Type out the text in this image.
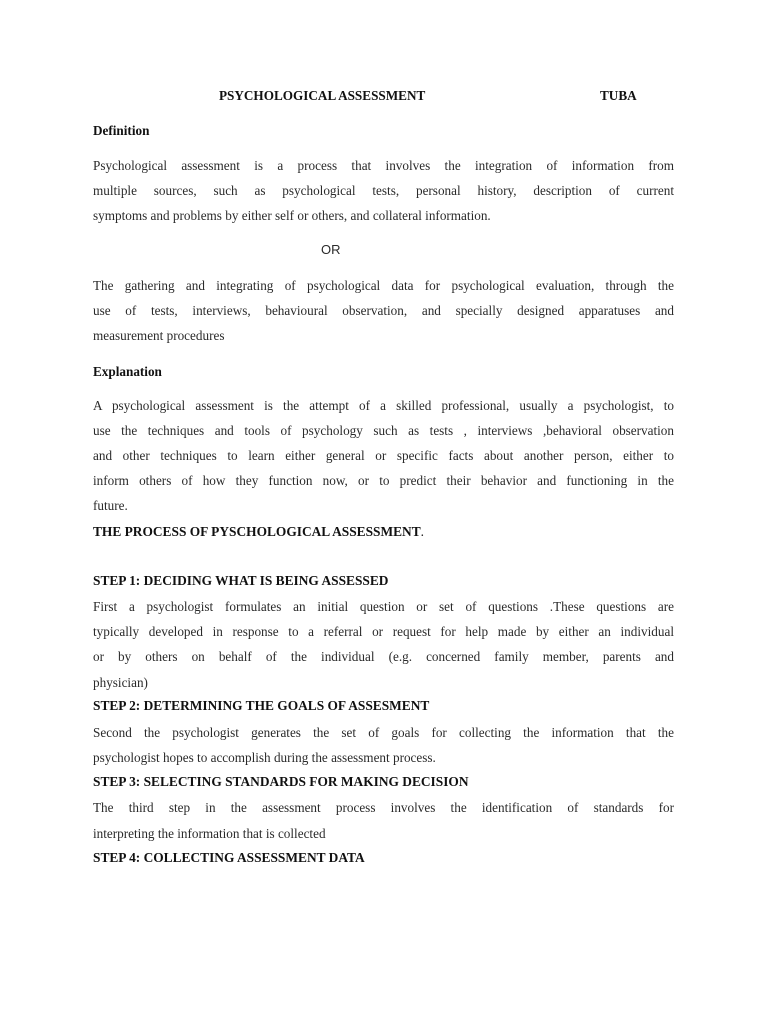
PSYCHOLOGICAL ASSESSMENT	TUBA
Definition
Psychological assessment is a process that involves the integration of information from
multiple sources, such as psychological tests, personal history, description of current
symptoms and problems by either self or others, and collateral information.
OR
The gathering and integrating of psychological data for psychological evaluation, through the
use of tests, interviews, behavioural observation, and specially designed apparatuses and
measurement procedures
Explanation
A psychological assessment is the attempt of a skilled professional, usually a psychologist, to
use the techniques and tools of psychology such as tests , interviews ,behavioral observation
and other techniques to learn either general or specific facts about another person, either to
inform others of how they function now, or to predict their behavior and functioning in the
future.
THE PROCESS OF PYSCHOLOGICAL ASSESSMENT.
STEP 1: DECIDING WHAT IS BEING ASSESSED
First a psychologist formulates an initial question or set of questions .These questions are
typically developed in response to a referral or request for help made by either an individual
or by others on behalf of the individual (e.g. concerned family member, parents and
physician)
STEP 2: DETERMINING THE GOALS OF ASSESMENT
Second the psychologist generates the set of goals for collecting the information that the
psychologist hopes to accomplish during the assessment process.
STEP 3: SELECTING STANDARDS FOR MAKING DECISION
The third step in the assessment process involves the identification of standards for
interpreting the information that is collected
STEP 4: COLLECTING ASSESSMENT DATA
